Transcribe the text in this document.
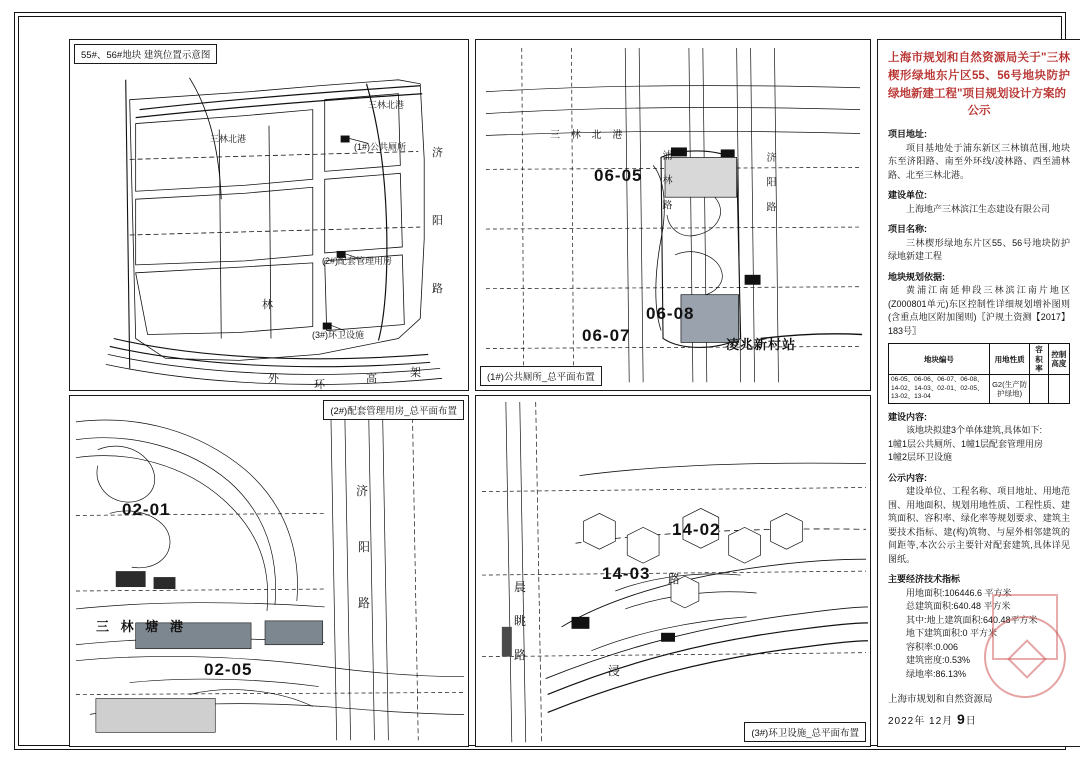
55#、56#地块 建筑位置示意图
三林北港
三林北港
(1#)公共厕所
(2#)配套管理用房
(3#)环卫设施
济
阳
路
林
外	环	高	架
06-05
06-07
06-08
三 林 北 港
浦 林 路	济 阳 路
凌兆新村站
(1#)公共厕所_总平面布置
02-01
02-05
三 林 塘 港
济
阳
路
(2#)配套管理用房_总平面布置
14-02
14-03
晨
眺
路
浸
路
(3#)环卫设施_总平面布置
上海市规划和自然资源局关于"三林 楔形绿地东片区55、56号地块防护 绿地新建工程"项目规划设计方案的
公示
项目地址:
项目基地处于浦东新区三林镇范围,地块东至济阳路、南至外环线/凌林路、西至浦林路、北至三林北港。
建设单位:
上海地产三林滨江生态建设有限公司
项目名称:
三林楔形绿地东片区55、56号地块防护绿地新建工程
地块规划依据:
黄浦江南延伸段三林滨江南片地区(Z000801单元)东区控制性详细规划增补图则(含重点地区附加图则)〖沪规土资测【2017】183号〗
地块编号	用地性质	容积率	控制高度
06-05、06-06、06-07、06-08、14-02、14-03、02-01、02-05、13-02、13-04	G2(生产防护绿地)		
建设内容:
该地块拟建3个单体建筑,具体如下:
1幢1层公共厕所、1幢1层配套管理用房
1幢2层环卫设施
公示内容:
建设单位、工程名称、项目地址、用地范围、用地面积、规划用地性质、工程性质、建筑面积、容积率、绿化率等规划要求、建筑主要技术指标、建(构)筑物、与屋外相邻建筑的间距等,本次公示主要针对配套建筑,具体详见图纸。
主要经济技术指标
用地面积:106446.6 平方米
总建筑面积:640.48 平方米
其中:地上建筑面积:640.48平方米
地下建筑面积:0 平方米
容积率:0.006
建筑密度:0.53%
绿地率:86.13%
上海市规划和自然资源局
2022年 12月 9日
